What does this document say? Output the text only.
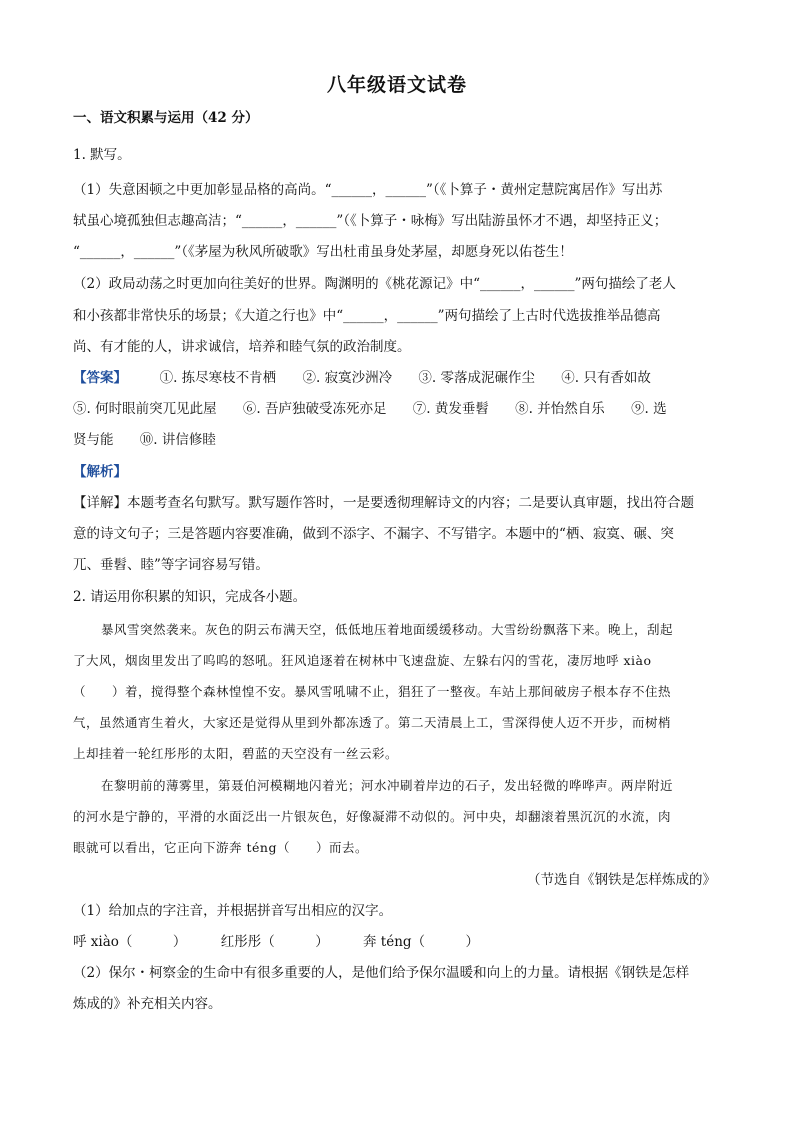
八年级语文试卷
一、语文积累与运用（42 分）
1. 默写。
（1）失意困顿之中更加彰显品格的高尚。“______，______”（《卜算子・黄州定慧院寓居作》写出苏
轼虽心境孤独但志趣高洁；“______，______”（《卜算子・咏梅》写出陆游虽怀才不遇，却坚持正义；
“______，______”（《茅屋为秋风所破歌》写出杜甫虽身处茅屋，却愿身死以佑苍生！
（2）政局动荡之时更加向往美好的世界。陶渊明的《桃花源记》中“______，______”两句描绘了老人
和小孩都非常快乐的场景；《大道之行也》中“______，______”两句描绘了上古时代选拔推举品德高
尚、有才能的人，讲求诚信，培养和睦气氛的政治制度。
【答案】 ①. 拣尽寒枝不肯栖 ②. 寂寞沙洲冷 ③. 零落成泥碾作尘 ④. 只有香如故
⑤. 何时眼前突兀见此屋 ⑥. 吾庐独破受冻死亦足 ⑦. 黄发垂髫 ⑧. 并怡然自乐 ⑨. 选
贤与能 ⑩. 讲信修睦
【解析】
【详解】本题考查名句默写。默写题作答时，一是要透彻理解诗文的内容；二是要认真审题，找出符合题
意的诗文句子；三是答题内容要准确，做到不添字、不漏字、不写错字。本题中的“栖、寂寞、碾、突
兀、垂髫、睦”等字词容易写错。
2. 请运用你积累的知识，完成各小题。
暴风雪突然袭来。灰色的阴云布满天空，低低地压着地面缓缓移动。大雪纷纷飘落下来。晚上，刮起
了大风，烟囱里发出了呜呜的怒吼。狂风追逐着在树林中飞速盘旋、左躲右闪的雪花，凄厉地呼 xiào
（　　）着，搅得整个森林惶惶不安。暴风雪吼啸不止，猖狂了一整夜。车站上那间破房子根本存不住热
气，虽然通宵生着火，大家还是觉得从里到外都冻透了。第二天清晨上工，雪深得使人迈不开步，而树梢
上却挂着一轮红彤彤的太阳，碧蓝的天空没有一丝云彩。
在黎明前的薄雾里，第聂伯河模糊地闪着光；河水冲刷着岸边的石子，发出轻微的哗哗声。两岸附近
的河水是宁静的，平滑的水面泛出一片银灰色，好像凝滞不动似的。河中央，却翻滚着黑沉沉的水流，肉
眼就可以看出，它正向下游奔 téng（　　）而去。
（节选自《钢铁是怎样炼成的》
（1）给加点的字注音，并根据拼音写出相应的汉字。
呼 xiào（　　　）	红彤彤（　　　）	奔 téng（　　　）
（2）保尔・柯察金的生命中有很多重要的人，是他们给予保尔温暖和向上的力量。请根据《钢铁是怎样
炼成的》补充相关内容。
